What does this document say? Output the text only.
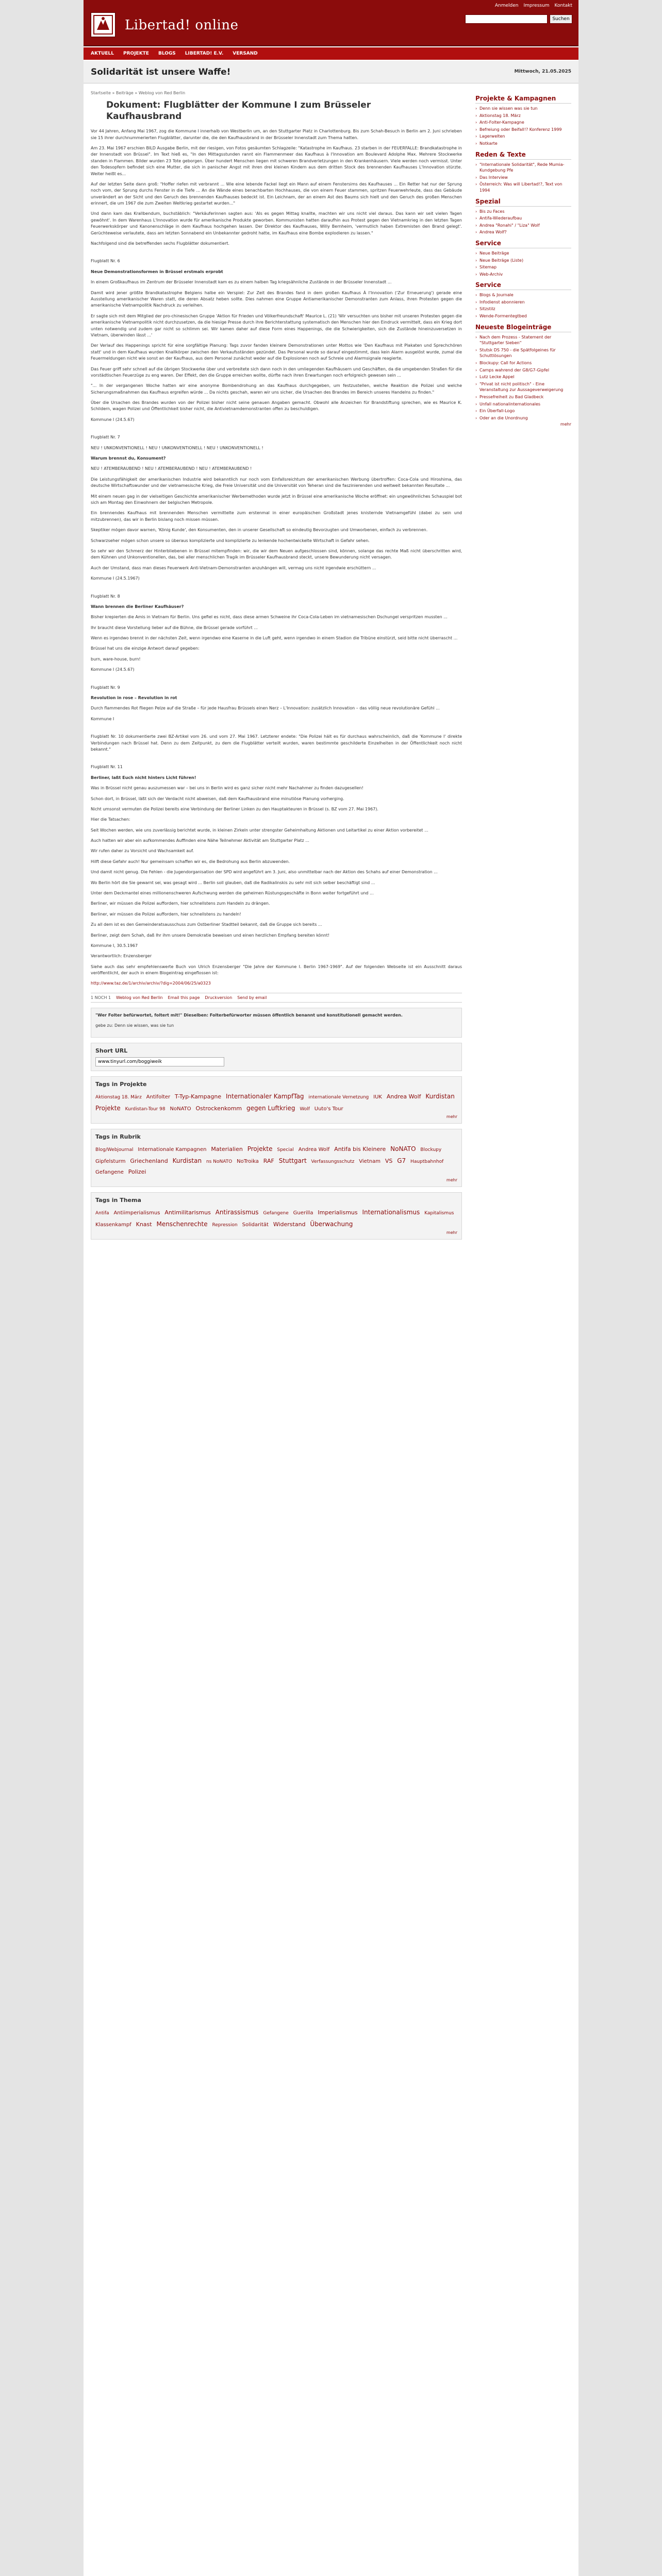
Libertad! online
Anmelden Impressum Kontakt
Suchen
AKTUELL PROJEKTE BLOGS LIBERTAD! E.V. VERSAND
Solidarität ist unsere Waffe!	Mittwoch, 21.05.2025
Startseite » Beiträge » Weblog von Red Berlin
Dokument: Flugblätter der Kommune I zum Brüsseler Kaufhausbrand
Vor 44 Jahren, Anfang Mai 1967, zog die Kommune I innerhalb von Westberlin um, an den Stuttgarter Platz in Charlottenburg. Bis zum Schah-Besuch in Berlin am 2. Juni schrieben sie 15 ihrer durchnummerierten Flugblätter, darunter die, die den Kaufhausbrand in der Brüsseler Innenstadt zum Thema hatten.
Am 23. Mai 1967 erschien BILD Ausgabe Berlin, mit der riesigen, von Fotos gesäumten Schlagzeile: "Katastrophe im Kaufhaus. 23 starben in der FEUERFALLE: Brandkatastrophe in der Innenstadt von Brüssel". Im Text hieß es, "In den Mittagsstunden rannt ein Flammenmeer das Kaufhaus à l'Innovation am Boulevard Adolphe Max. Mehrere Stockwerke standen in Flammen. Bilder wurden 23 Tote geborgen. Über hundert Menschen liegen mit schweren Brandverletzungen in den Krankenhäusern. Viele werden noch vermisst. Unter den Todesopfern befindet sich eine Mutter, die sich in panischer Angst mit ihren drei kleinen Kindern aus dem dritten Stock des brennenden Kaufhauses L'Innovation stürzte. Weiter heißt es...
Auf der letzten Seite dann groß: "Hoffer riefen mit verbrannt ... Wie eine lebende Fackel liegt ein Mann auf einem Fenstersims des Kaufhauses ... Ein Retter hat nur der Sprung noch vom, der Sprung durchs Fenster in die Tiefe ... An die Wände eines benachbarten Hochhauses, die von einem Feuer stammen, spritzen Feuerwehrleute, dass das Gebäude unverändert an der Sicht und den Geruch des brennenden Kaufhauses bedeckt ist. Ein Leichnam, der an einem Ast des Baums sich hielt und den Geruch des großen Menschen erinnert, die um 1967 die zum Zweiten Weltkrieg gestartet wurden..."
Und dann kam das Krallbendum, buchstäblich: "Verkäuferinnen sagten aus: 'Als es gegen Mittag knallte, machten wir uns nicht viel daraus. Das kann wir seit vielen Tagen gewöhnt'. In dem Warenhaus L'Innovation wurde für amerikanische Produkte geworben. Kommunisten hatten daraufhin aus Protest gegen den Vietnamkrieg in den letzten Tagen Feuerwerkskörper und Kanonenschläge in dem Kaufhaus hochgehen lassen. Der Direktor des Kaufhauses, Willy Bernheim, 'vermutlich haben Extremisten den Brand gelegt'. Gerüchteweise verlautete, dass am letzten Sonnabend ein Unbekannter gedroht hatte, im Kaufhaus eine Bombe explodieren zu lassen."
Nachfolgend sind die betreffenden sechs Flugblätter dokumentiert.
Flugblatt Nr. 6
Neue Demonstrationsformen in Brüssel erstmals erprobt
In einem Großkaufhaus im Zentrum der Brüsseler Innenstadt kam es zu einem halben Tag kriegsähnliche Zustände in der Brüsseler Innenstadt ...
Damit wird jener größte Brandkatastrophe Belgiens halbe ein Verspiel: Zur Zeit des Brandes fand in dem großen Kaufhaus À l'Innovation ('Zur Erneuerung') gerade eine Ausstellung amerikanischer Waren statt, die deren Absatz heben sollte. Dies nahmen eine Gruppe Antiamerikanischer Demonstranten zum Anlass, ihren Protesten gegen die amerikanische Vietnampolitik Nachdruck zu verleihen.
Er sagte sich mit dem Mitglied der pro-chinesischen Gruppe 'Aktion für Frieden und Völkerfreundschaft' Maurice L. (21) 'Wir versuchten uns bisher mit unseren Protesten gegen die amerikanische Vietnampolitik nicht durchzusetzen, da die hiesige Presse durch ihre Berichterstattung systematisch den Menschen hier den Eindruck vermittelt, dass ein Krieg dort unten notwendig und zudem gar nicht so schlimm sei. Wir kamen daher auf diese Form eines Happenings, die die Schwierigkeiten, sich die Zustände hineinzuversetzen in Vietnam, überwinden lässt ...'
Der Verlauf des Happenings spricht für eine sorgfältige Planung: Tags zuvor fanden kleinere Demonstrationen unter Mottos wie 'Den Kaufhaus mit Plakaten und Sprechchören statt' und in dem Kaufhaus wurden Knallkörper zwischen den Verkaufsständen gezündet. Das Personal wurde so darauf eingestimmt, dass kein Alarm ausgelöst wurde, zumal die Feuermeldungen nicht wie sonst an der Kaufhaus, aus dem Personal zunächst weder auf die Explosionen noch auf Schreie und Alarmsignale reagierte.
Das Feuer griff sehr schnell auf die übrigen Stockwerke über und verbreitete sich dann noch in den umliegenden Kaufhäusern und Geschäften, da die umgebenden Straßen für die vorstädtischen Feuerzüge zu eng waren. Der Effekt, den die Gruppe erreichen wollte, dürfte nach ihren Erwartungen noch erfolgreich gewesen sein ...
"... In der vergangenen Woche hatten wir eine anonyme Bombendrohung an das Kaufhaus durchgegeben, um festzustellen, welche Reaktion die Polizei und welche Sicherungsmaßnahmen das Kaufhaus ergreifen würde ... Da nichts geschah, waren wir uns sicher, die Ursachen des Brandes im Bereich unseres Handelns zu finden."
Über die Ursachen des Brandes wurden von der Polizei bisher nicht seine genauen Angaben gemacht. Obwohl alle Anzeichen für Brandstiftung sprechen, wie es Maurice K. Schildern, wagen Polizei und Öffentlichkeit bisher nicht, die Antivietnamdemonstranten offen zu beschuldigen.
Kommune I (24.5.67)
Flugblatt Nr. 7
NEU ! UNKONVENTIONELL ! NEU ! UNKONVENTIONELL ! NEU ! UNKONVENTIONELL !
Warum brennst du, Konsument?
NEU ! ATEMBERAUBEND ! NEU ! ATEMBERAUBEND ! NEU ! ATEMBERAUBEND !
Die Leistungsfähigkeit der amerikanischen Industrie wird bekanntlich nur noch vom Einfallsreichtum der amerikanischen Werbung übertroffen: Coca-Cola und Hiroshima, das deutsche Wirtschaftswunder und der vietnamesische Krieg, die Freie Universität und die Universität von Teheran sind die faszinierenden und weltweit bekannten Resultate ...
Mit einem neuen gag in der vielseitigen Geschichte amerikanischer Werbemethoden wurde jetzt in Brüssel eine amerikanische Woche eröffnet: ein ungewöhnliches Schauspiel bot sich am Montag den Einwohnern der belgischen Metropole.
Ein brennendes Kaufhaus mit brennenden Menschen vermittelte zum erstenmal in einer europäischen Großstadt jenes knisternde Vietnamgefühl (dabei zu sein und mitzubrennen), das wir in Berlin bislang noch missen müssen.
Skeptiker mögen davor warnen, 'König Kunde', den Konsumenten, den in unserer Gesellschaft so eindeutig Bevorzugten und Umworbenen, einfach zu verbrennen.
Schwarzseher mögen schon unsere so überaus komplizierte und komplizierte zu lenkende hochentwickelte Wirtschaft in Gefahr sehen.
So sehr wir den Schmerz der Hinterbliebenen in Brüssel mitempfinden: wir, die wir dem Neuen aufgeschlossen sind, können, solange das rechte Maß nicht überschritten wird, dem Kühnen und Unkonventionellen, das, bei aller menschlichen Tragik im Brüsseler Kaufhausbrand steckt, unsere Bewunderung nicht versagen.
Auch der Umstand, dass man dieses Feuerwerk Anti-Vietnam-Demonstranten anzuhängen will, vermag uns nicht irgendwie erschüttern ...
Kommune I (24.5.1967)
Flugblatt Nr. 8
Wann brennen die Berliner Kaufhäuser?
Bisher krepierten die Amis in Vietnam für Berlin. Uns gefiel es nicht, dass diese armen Schweine ihr Coca-Cola-Leben im vietnamesischen Dschungel verspritzen mussten ...
Ihr braucht diese Vorstellung lieber auf die Bühne, die Brüssel gerade vorführt ...
Wenn es irgendwo brennt in der nächsten Zeit, wenn irgendwo eine Kaserne in die Luft geht, wenn irgendwo in einem Stadion die Tribüne einstürzt, seid bitte nicht überrascht ...
Brüssel hat uns die einzige Antwort darauf gegeben:
burn, ware-house, burn!
Kommune I (24.5.67)
Flugblatt Nr. 9
Revolution in rose – Revolution in rot
Durch flammendes Rot fliegen Pelze auf die Straße – für jede Hausfrau Brüssels einen Nerz – L'Innovation: zusätzlich Innovation – das völlig neue revolutionäre Gefühl ...
Kommune I
Flugblatt Nr. 10 dokumentierte zwei BZ-Artikel vom 26. und vom 27. Mai 1967. Letzterer endete: "Die Polizei hält es für durchaus wahrscheinlich, daß die 'Kommune I' direkte Verbindungen nach Brüssel hat. Denn zu dem Zeitpunkt, zu dem die Flugblätter verteilt wurden, waren bestimmte geschilderte Einzelheiten in der Öffentlichkeit noch nicht bekannt."
Flugblatt Nr. 11
Berliner, laßt Euch nicht hinters Licht führen!
Was in Brüssel nicht genau auszumessen war – bei uns in Berlin wird es ganz sicher nicht mehr Nachahmer zu finden dazugesellen!
Schon dort, in Brüssel, läßt sich der Verdacht nicht abweisen, daß dem Kaufhausbrand eine minutiöse Planung vorherging.
Nicht umsonst vermuten die Polizei bereits eine Verbindung der Berliner Linken zu den Hauptakteuren in Brüssel (s. BZ vom 27. Mai 1967).
Hier die Tatsachen:
Seit Wochen werden, wie uns zuverlässig berichtet wurde, in kleinen Zirkeln unter strengster Geheimhaltung Aktionen und Leitartikel zu einer Aktion vorbereitet ...
Auch hatten wir aber ein aufkommendes Auffinden eine Nähe Teilnehmer Aktivität am Stuttgarter Platz ...
Wir rufen daher zu Vorsicht und Wachsamkeit auf.
Hilft diese Gefahr auch! Nur gemeinsam schaffen wir es, die Bedrohung aus Berlin abzuwenden.
Und damit nicht genug. Die Fehlen - die Jugendorganisation der SPD wird angeführt am 3. Juni, also unmittelbar nach der Aktion des Schahs auf einer Demonstration ...
Wo Berlin hört die Sie gewarnt sei, was gesagt wird ... Berlin soll glauben, daß die Radikalinskis zu sehr mit sich selber beschäftigt sind ...
Unter dem Deckmantel eines millionenschweren Aufschwung werden die geheimen Rüstungsgeschäfte in Bonn weiter fortgeführt und ...
Berliner, wir müssen die Polizei auffordern, hier schnellstens zum Handeln zu drängen.
Berliner, wir müssen die Polizei auffordern, hier schnellstens zu handeln!
Zu all dem ist es den Gemeinderatsausschuss zum Ostberliner Stadtteil bekannt, daß die Gruppe sich bereits ...
Berliner, zeigt dem Schah, daß Ihr ihm unsere Demokratie beweisen und einen herzlichen Empfang bereiten könnt!
Kommune I, 30.5.1967
Verantwortlich: Enzensberger
Siehe auch das sehr empfehlenswerte Buch von Ulrich Enzensberger "Die Jahre der Kommune I. Berlin 1967-1969". Auf der folgenden Webseite ist ein Ausschnitt daraus veröffentlicht, der auch in einem Blogeintrag eingeflossen ist:
http://www.taz.de/1/archiv/archiv/?dig=2004/06/25/a0323
1 NOCH 1 Weblog von Red Berlin Email this page Druckversion Send by email
"Wer Folter befürwortet, foltert mit!" Dieselben: Folterbefürworter müssen öffentlich benannt und konstitutionell gemacht werden.
gebe zu: Denn sie wissen, was sie tun
Short URL
www.tinyurl.com/boggiweik
Tags in Projekte
Aktionstag 18. März Antifolter T-Typ-Kampagne Internationaler KampfTag internationale Vernetzung IUK Andrea Wolf Kurdistan Projekte Kurdistan-Tour 98 NoNATO Ostrockenkomm gegen Luftkrieg Wolf Uuto's Tour
mehr
Tags in Rubrik
Blog/Webjournal Internationale Kampagnen Materialien Projekte Special Andrea Wolf Antifa bis Kleinere NoNATO Blockupy Gipfelsturm Griechenland Kurdistan ns NoNATO NoTroika RAF Stuttgart Verfassungsschutz Vietnam VS G7 Hauptbahnhof Gefangene Polizei
mehr
Tags in Thema
Antifa Antiimperialismus Antimilitarismus Antirassismus Gefangene Guerilla Imperialismus Internationalismus Kapitalismus Klassenkampf Knast Menschenrechte Repression Solidarität Widerstand Überwachung
mehr
Projekte & Kampagnen
› Denn sie wissen was sie tun
› Aktionstag 18. März
› Anti-Folter-Kampagne
› Befreiung oder Beifall!? Konferenz 1999
› Lagerwelten
› Notkarte
Reden & Texte
› "Internationale Solidarität", Rede Mumia-Kundgebung Pfe
› Das Interview
› Österreich: Was will Libertad!?, Text von 1994
Spezial
› Bis zu Faces
› Antifa-Wiederaufbau
› Andrea "Ronahi" / "Liza" Wolf
› Andrea Wolf?
Service
› Neue Beiträge
› Neue Beiträge (Liste)
› Sitemap
› Web-Archiv
Service
› Blogs & Journale
› Infodienst abonnieren
› Sitzstilz
› Wende-Formentegtbed
Neueste Blogeinträge
› Nach dem Prozess - Statement der "Stuttgarter Sieben"
› Stutsk DS 750 - die Spätfolgeines für Schuttlösungen
› Blockupy: Call for Actions
› Camps wahrend der G8/G7-Gipfel
› Lutz Lecke Appel
› "Privat ist nicht politisch" - Eine Veranstaltung zur Aussageverweigerung
› Pressefreiheit zu Bad Gladbeck
› Unfall nationalinternationales
› Ein Überfall-Logo
› Oder an die Unordnung
mehr
